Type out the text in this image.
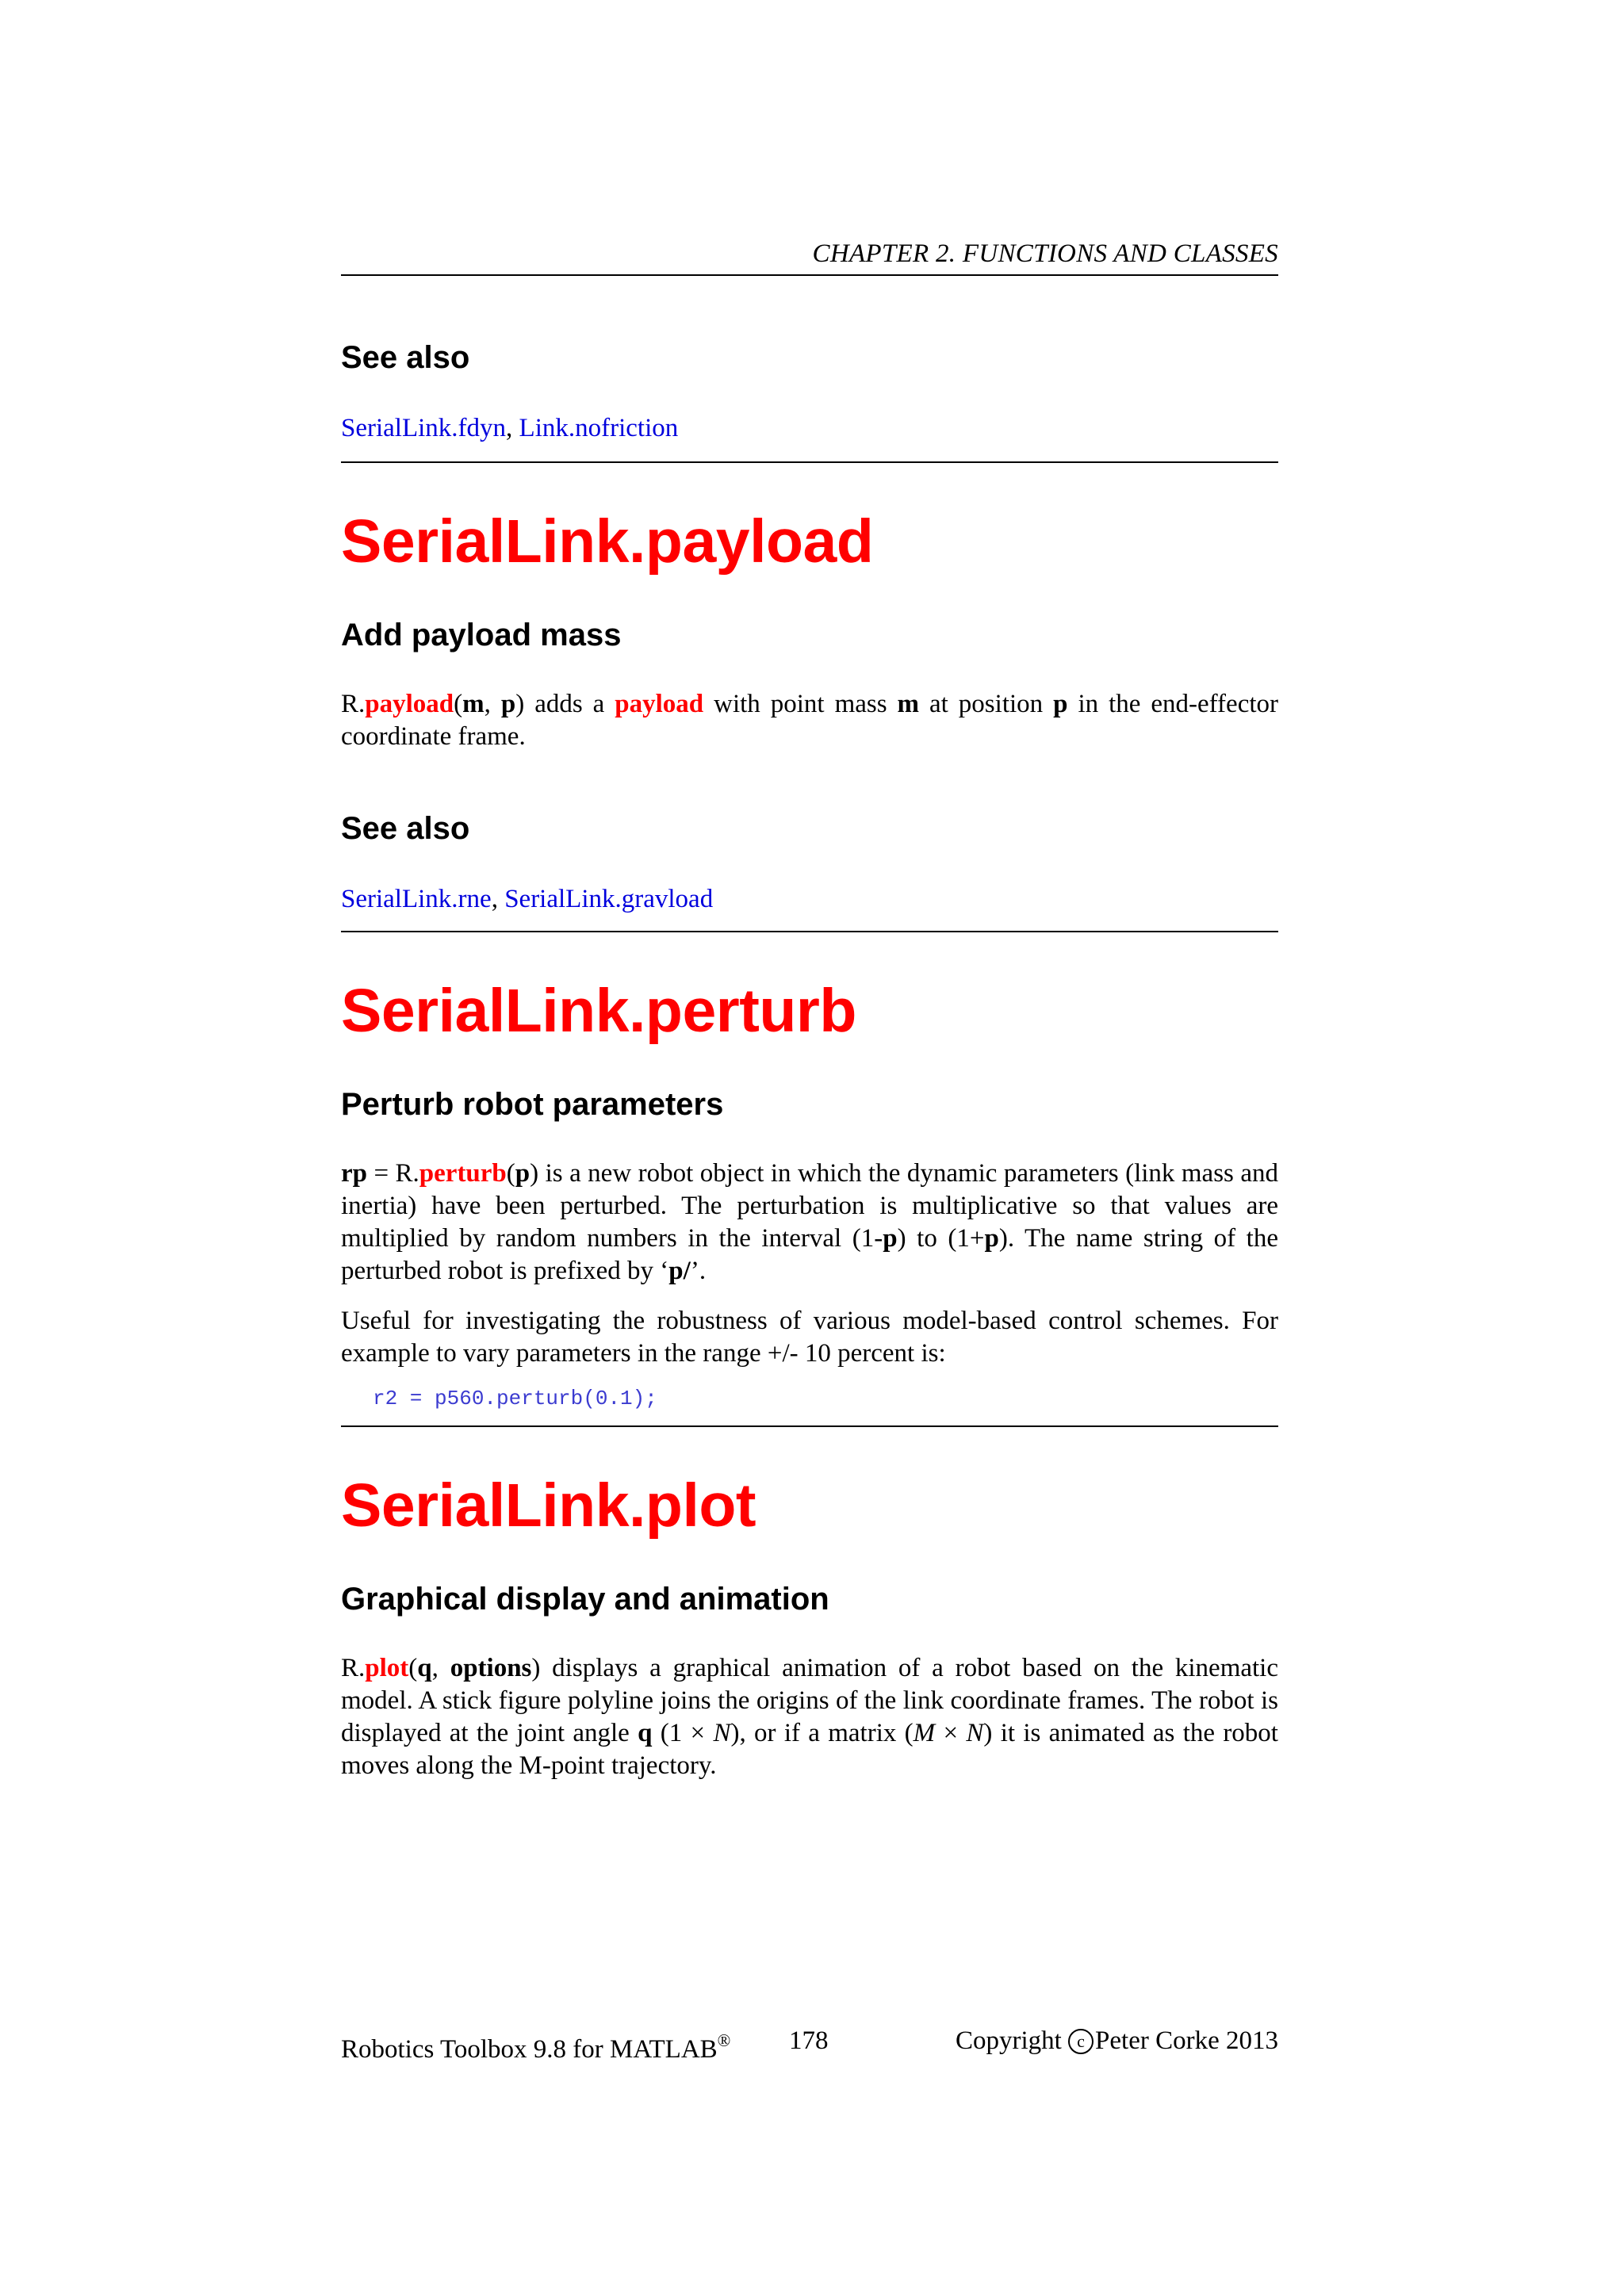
CHAPTER 2. FUNCTIONS AND CLASSES
See also
SerialLink.fdyn, Link.nofriction
SerialLink.payload
Add payload mass

R.payload(m, p) adds a payload with point mass m at position p in the end-effector coordinate frame.

See also
SerialLink.rne, SerialLink.gravload
SerialLink.perturb
Perturb robot parameters

rp = R.perturb(p) is a new robot object in which the dynamic parameters (link mass and inertia) have been perturbed. The perturbation is multiplicative so that values are multiplied by random numbers in the interval (1-p) to (1+p). The name string of the perturbed robot is prefixed by ‘p/’.

Useful for investigating the robustness of various model-based control schemes. For example to vary parameters in the range +/- 10 percent is:

r2 = p560.perturb(0.1);
SerialLink.plot
Graphical display and animation

R.plot(q, options) displays a graphical animation of a robot based on the kinematic model. A stick figure polyline joins the origins of the link coordinate frames. The robot is displayed at the joint angle q (1 × N), or if a matrix (M × N) it is animated as the robot moves along the M-point trajectory.

Robotics Toolbox 9.8 for MATLAB® 178	Copyright c Peter Corke 2013
